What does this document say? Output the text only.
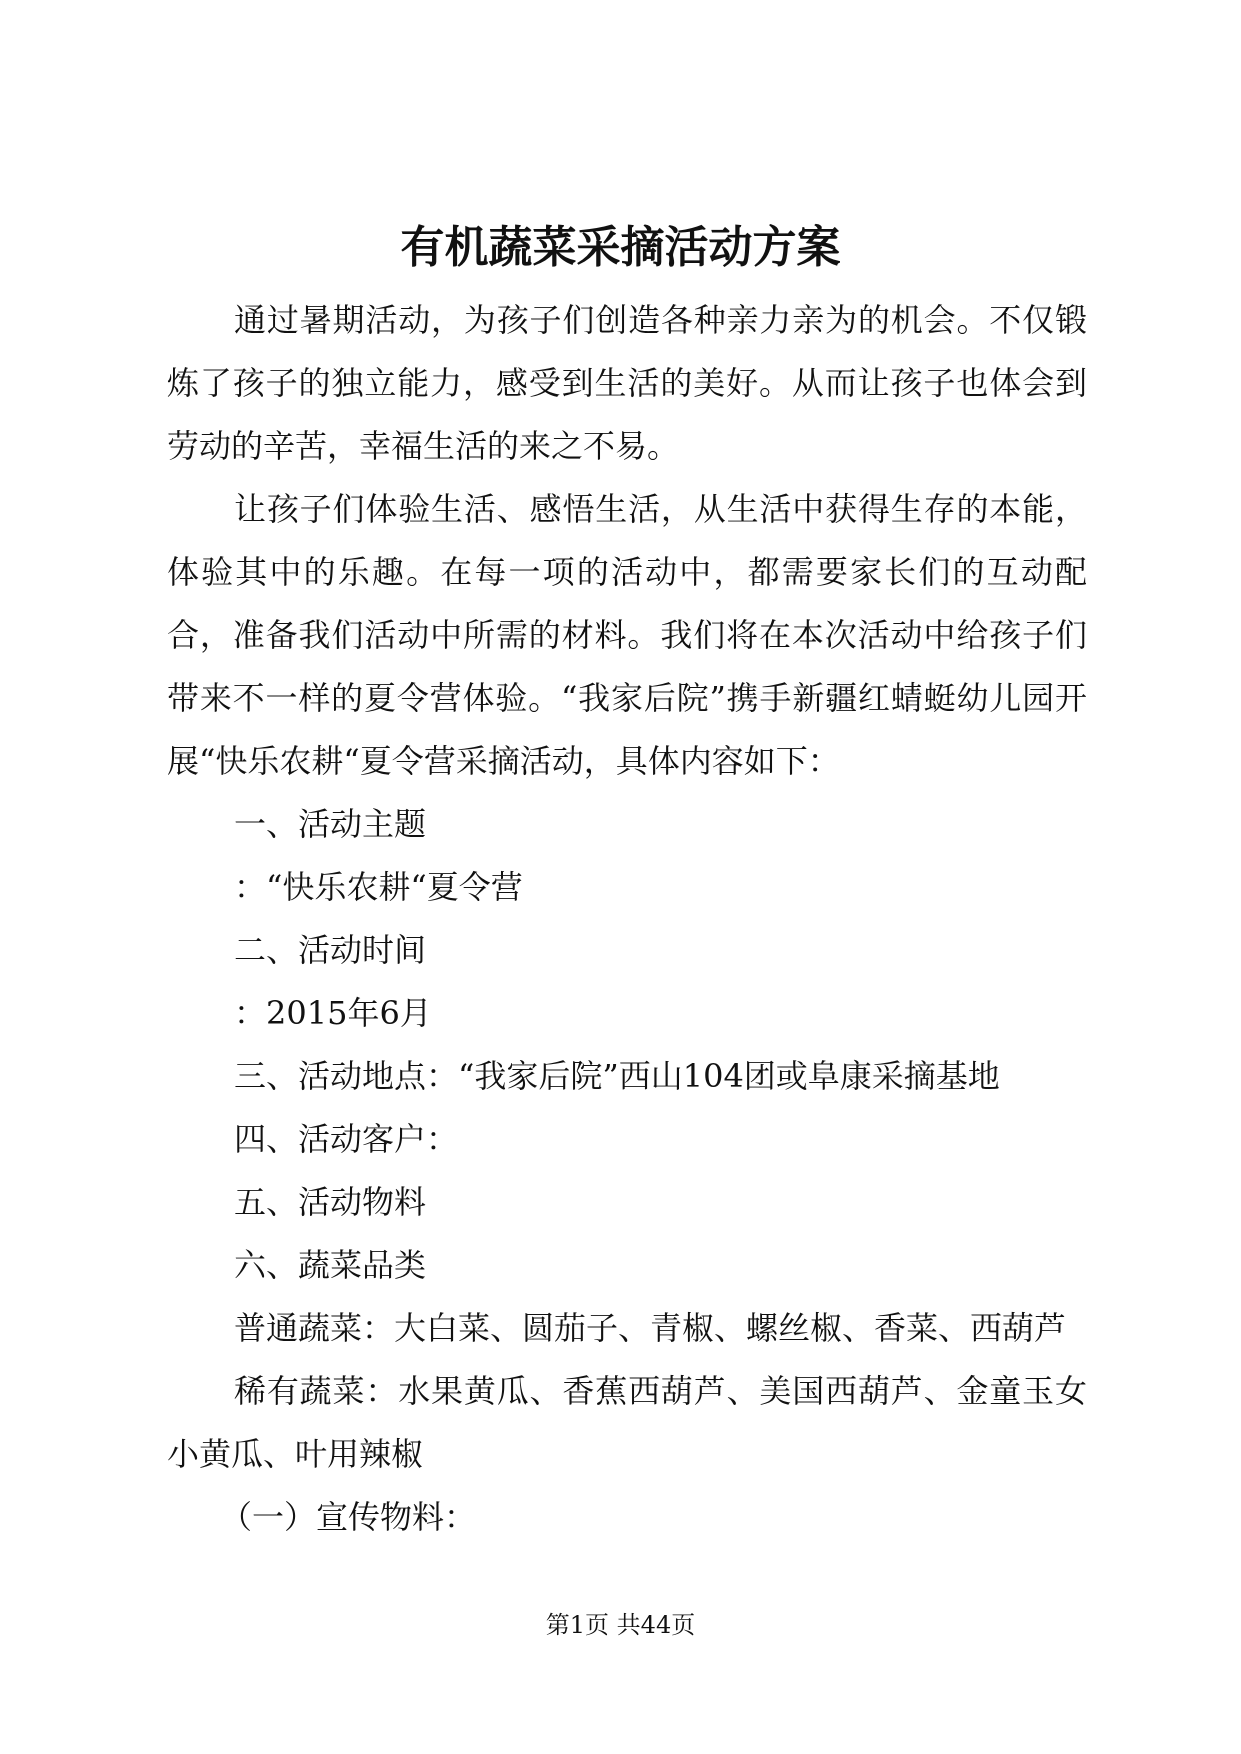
有机蔬菜采摘活动方案

通过暑期活动，为孩子们创造各种亲力亲为的机会。不仅锻炼了孩子的独立能力，感受到生活的美好。从而让孩子也体会到劳动的辛苦，幸福生活的来之不易。

让孩子们体验生活、感悟生活，从生活中获得生存的本能，体验其中的乐趣。在每一项的活动中，都需要家长们的互动配合，准备我们活动中所需的材料。我们将在本次活动中给孩子们带来不一样的夏令营体验。“我家后院”携手新疆红蜻蜓幼儿园开展“快乐农耕“夏令营采摘活动，具体内容如下：

一、活动主题

：“快乐农耕“夏令营

二、活动时间

：2015年6月

三、活动地点：“我家后院”西山104团或阜康采摘基地

四、活动客户：

五、活动物料

六、蔬菜品类

普通蔬菜：大白菜、圆茄子、青椒、螺丝椒、香菜、西葫芦

稀有蔬菜：水果黄瓜、香蕉西葫芦、美国西葫芦、金童玉女小黄瓜、叶用辣椒

（一）宣传物料：

第1页 共44页
